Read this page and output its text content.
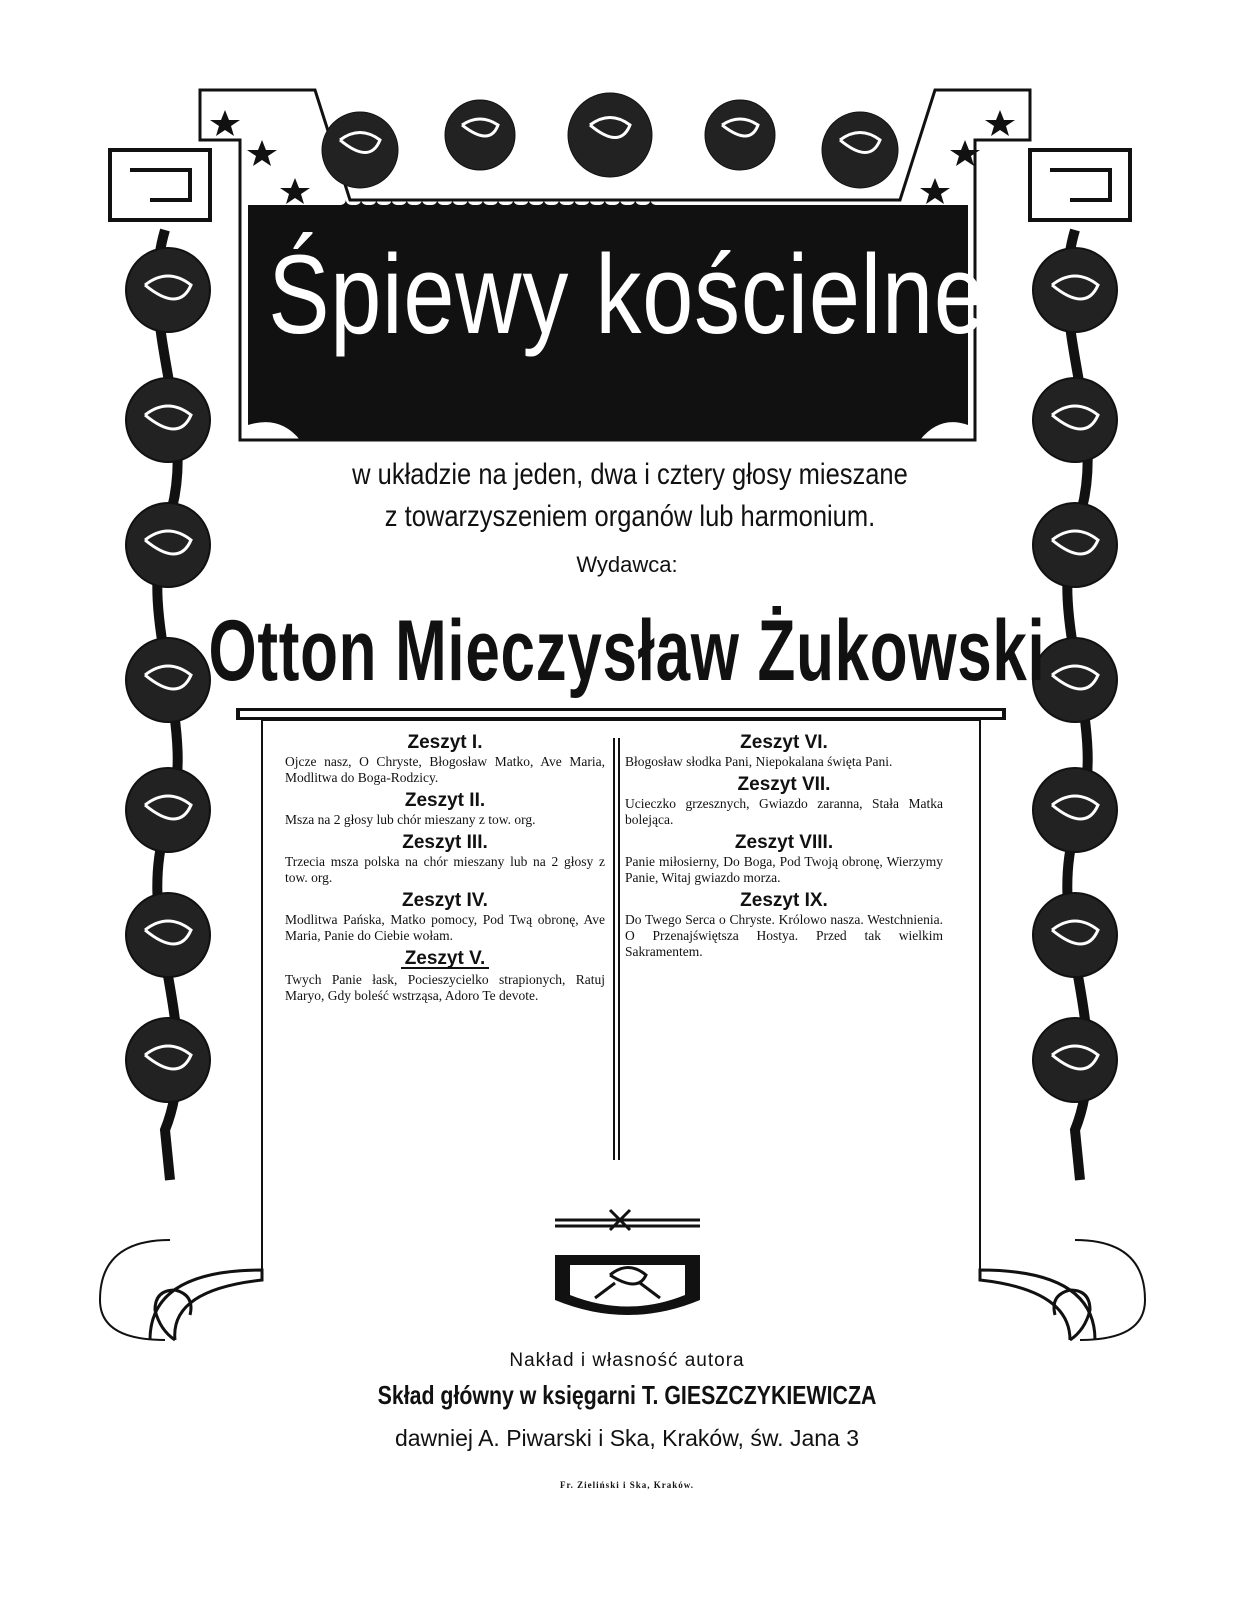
✦ ✦ ✦ ✦ ✦ ✦ ✦ ✦ ✦ ✦ ✦ ✦ ✦ ✦ ✦ ✦ ✦ ✦ ✦ ✦ ✦
Śpiewy kościelne
w układzie na jeden, dwa i cztery głosy mieszane
z towarzyszeniem organów lub harmonium.
Wydawca:
Otton Mieczysław Żukowski
Zeszyt I.
Ojcze nasz, O Chryste, Błogosław Matko, Ave Maria, Modlitwa do Boga-Rodzicy.
Zeszyt II.
Msza na 2 głosy lub chór mieszany z tow. org.
Zeszyt III.
Trzecia msza polska na chór mieszany lub na 2 głosy z tow. org.
Zeszyt IV.
Modlitwa Pańska, Matko pomocy, Pod Twą obronę, Ave Maria, Panie do Ciebie wołam.
Zeszyt V.
Twych Panie łask, Pocieszycielko strapionych, Ratuj Maryo, Gdy boleść wstrząsa, Adoro Te devote.
Zeszyt VI.
Błogosław słodka Pani, Niepokalana święta Pani.
Zeszyt VII.
Ucieczko grzesznych, Gwiazdo zaranna, Stała Matka bolejąca.
Zeszyt VIII.
Panie miłosierny, Do Boga, Pod Twoją obronę, Wierzymy Panie, Witaj gwiazdo morza.
Zeszyt IX.
Do Twego Serca o Chryste. Królowo nasza. Westchnienia. O Przenajświętsza Hostya. Przed tak wielkim Sakramentem.
Nakład i własność autora
Skład główny w księgarni T. GIESZCZYKIEWICZA
dawniej A. Piwarski i Ska, Kraków, św. Jana 3
Fr. Zieliński i Ska, Kraków.
